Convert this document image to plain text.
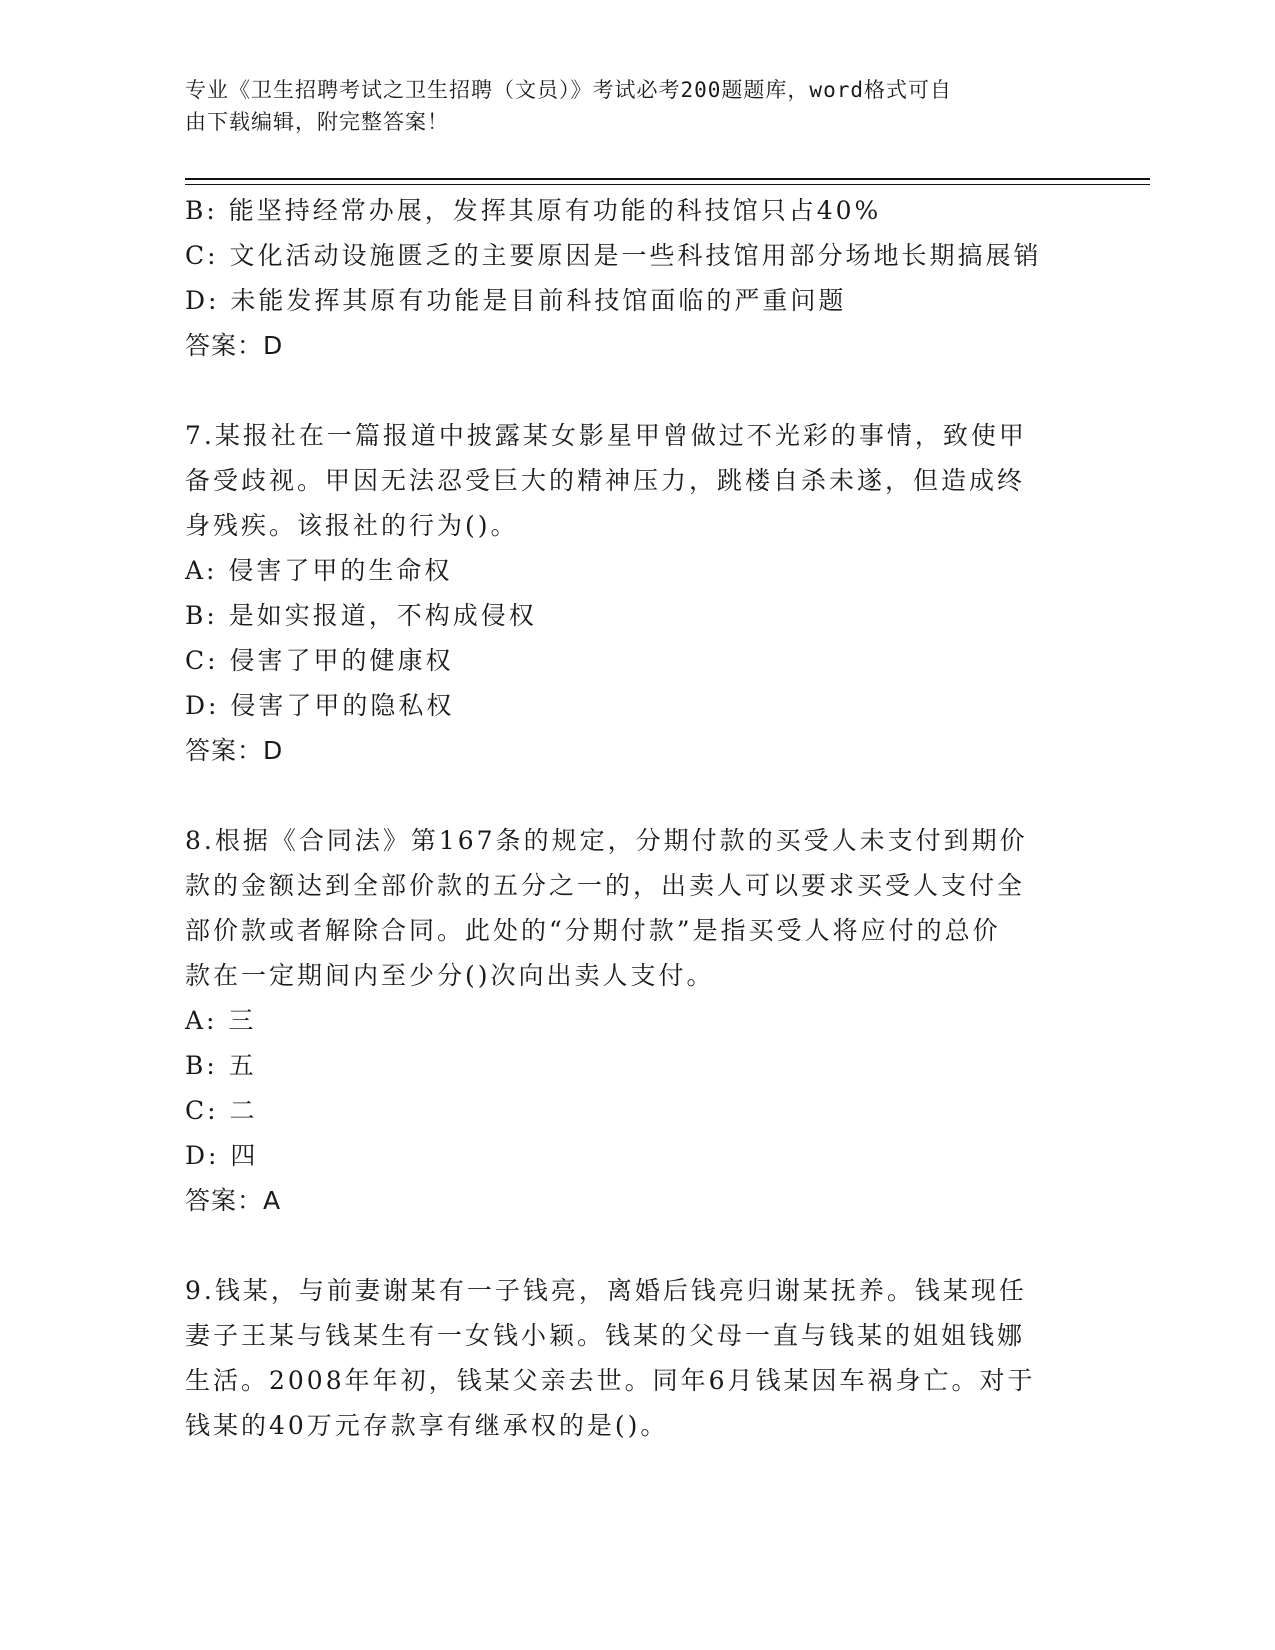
专业《卫生招聘考试之卫生招聘（文员）》考试必考200题题库，word格式可自
由下载编辑，附完整答案！
B: 能坚持经常办展，发挥其原有功能的科技馆只占40%
C: 文化活动设施匮乏的主要原因是一些科技馆用部分场地长期搞展销
D: 未能发挥其原有功能是目前科技馆面临的严重问题
答案：D
7.某报社在一篇报道中披露某女影星甲曾做过不光彩的事情，致使甲
备受歧视。甲因无法忍受巨大的精神压力，跳楼自杀未遂，但造成终
身残疾。该报社的行为()。
A: 侵害了甲的生命权
B: 是如实报道，不构成侵权
C: 侵害了甲的健康权
D: 侵害了甲的隐私权
答案：D
8.根据《合同法》第167条的规定，分期付款的买受人未支付到期价
款的金额达到全部价款的五分之一的，出卖人可以要求买受人支付全
部价款或者解除合同。此处的“分期付款”是指买受人将应付的总价
款在一定期间内至少分()次向出卖人支付。
A: 三
B: 五
C: 二
D: 四
答案：A
9.钱某，与前妻谢某有一子钱亮，离婚后钱亮归谢某抚养。钱某现任
妻子王某与钱某生有一女钱小颖。钱某的父母一直与钱某的姐姐钱娜
生活。2008年年初，钱某父亲去世。同年6月钱某因车祸身亡。对于
钱某的40万元存款享有继承权的是()。
